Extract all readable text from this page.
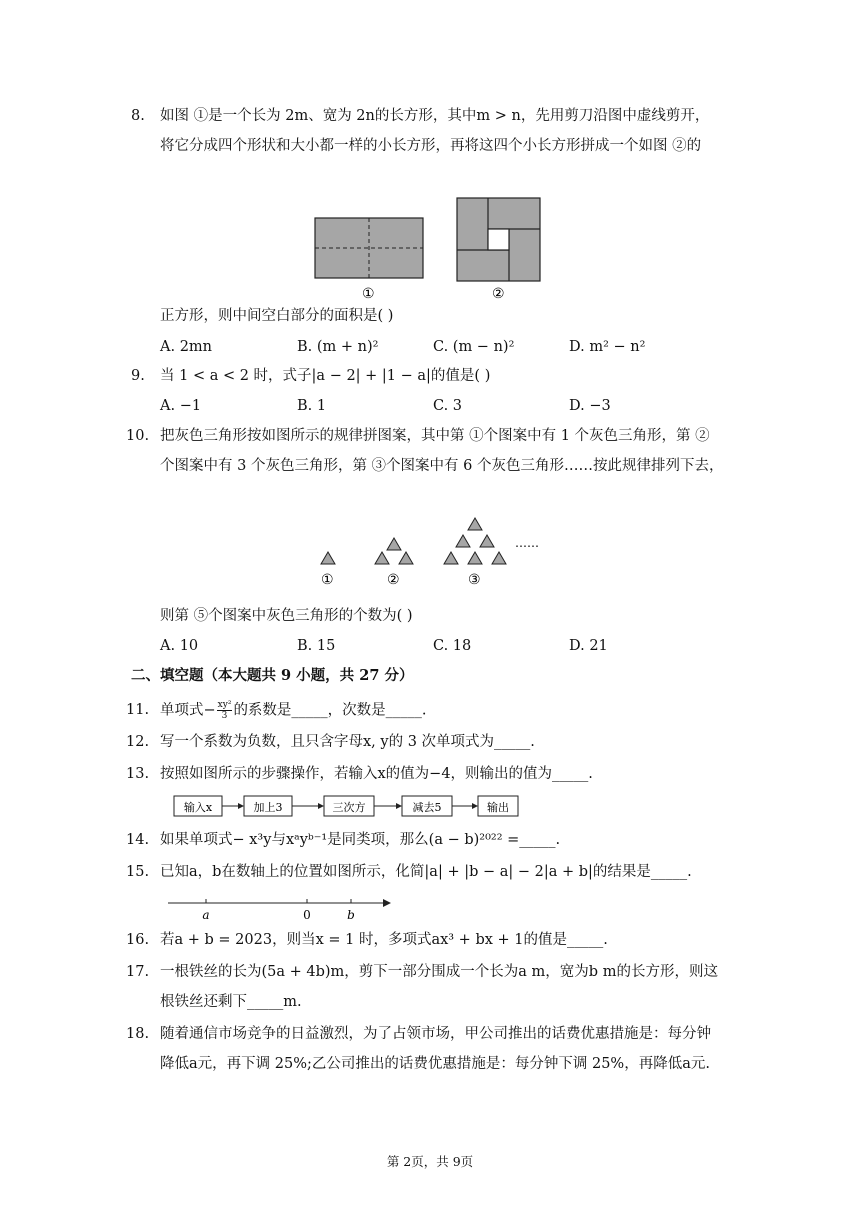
8. 如图 ①是一个长为 2m、宽为 2n的长方形，其中m > n，先用剪刀沿图中虚线剪开，
将它分成四个形状和大小都一样的小长方形，再将这四个小长方形拼成一个如图 ②的
①	②
正方形，则中间空白部分的面积是( )
A. 2mn	B. (m + n)²	C. (m − n)²	D. m² − n²
9. 当 1 < a < 2 时，式子|a − 2| + |1 − a|的值是( )
A. −1	B. 1	C. 3	D. −3
10. 把灰色三角形按如图所示的规律拼图案，其中第 ①个图案中有 1 个灰色三角形，第 ②
个图案中有 3 个灰色三角形，第 ③个图案中有 6 个灰色三角形……按此规律排列下去，
……
①	②	③
则第 ⑤个图案中灰色三角形的个数为( )
A. 10	B. 15	C. 18	D. 21
二、填空题（本大题共 9 小题，共 27 分）
11. 单项式− $\frac{\text{xy²}}{3}$ 的系数是_____，次数是_____.
12. 写一个系数为负数，且只含字母x, y的 3 次单项式为_____.
13. 按照如图所示的步骤操作，若输入x的值为−4，则输出的值为_____.
输入x	加上3	三次方	减去5	输出
14. 如果单项式− x³y与xᵃyᵇ⁻¹是同类项，那么(a − b)²⁰²² =_____.
15. 已知a，b在数轴上的位置如图所示，化简|a| + |b − a| − 2|a + b|的结果是_____.
a	0	b
16. 若a + b = 2023，则当x = 1 时，多项式ax³ + bx + 1的值是_____.
17. 一根铁丝的长为(5a + 4b)m，剪下一部分围成一个长为a m，宽为b m的长方形，则这
根铁丝还剩下_____m.
18. 随着通信市场竞争的日益激烈，为了占领市场，甲公司推出的话费优惠措施是：每分钟
降低a元，再下调 25%;乙公司推出的话费优惠措施是：每分钟下调 25%，再降低a元.
第 2页，共 9页
